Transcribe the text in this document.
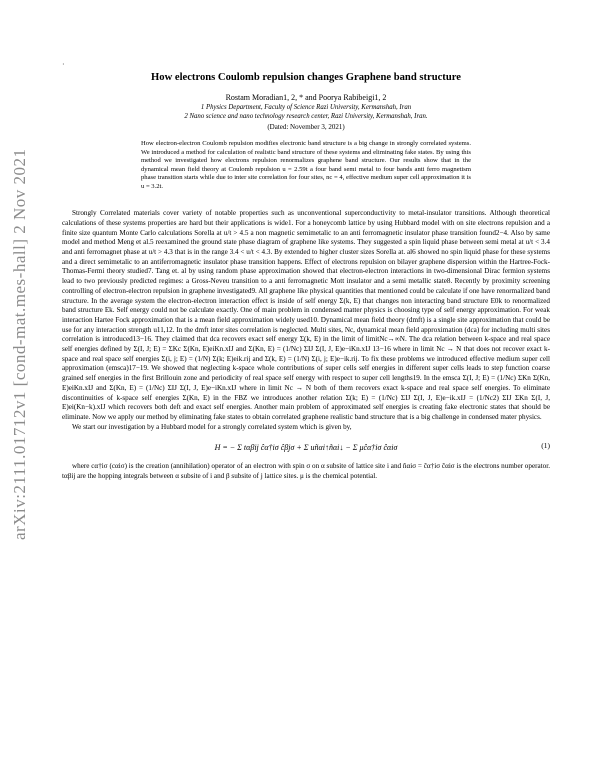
arXiv:2111.01712v1 [cond-mat.mes-hall] 2 Nov 2021
·
How electrons Coulomb repulsion changes Graphene band structure
Rostam Moradian1, 2, * and Poorya Rabibeigi1, 2
1 Physics Department, Faculty of Science Razi University, Kermanshah, Iran
2 Nano science and nano technology research center, Razi University, Kermanshah, Iran.
(Dated: November 3, 2021)
How electron-electron Coulomb repulsion modifies electronic band structure is a big change in strongly correlated systems. We introduced a method for calculation of realistic band structure of these systems and eliminating fake states. By using this method we investigated how electrons repulsion renormalizes graphene band structure. Our results show that in the dynamical mean field theory at Coulomb repulsion u = 2.59t a four band semi metal to four bands anti ferro magnetism phase transition starts while due to inter site correlation for four sites, nc = 4, effective medium super cell approximation it is u = 3.2t.

Strongly Correlated materials cover variety of notable properties such as unconventional superconductivity to metal-insulator transitions. Although theoretical calculations of these systems properties are hard but their applications is wide1. For a honeycomb lattice by using Hubbard model with on site electrons repulsion and a finite size quantum Monte Carlo calculations Sorella at u/t > 4.5 a non magnetic semimetalic to an anti ferromagnetic insulator phase transition found2−4. Also by same model and method Meng et al.5 reexamined the ground state phase diagram of graphene like systems. They suggested a spin liquid phase between semi metal at u/t < 3.4 and anti ferromagnet phase at u/t > 4.3 that is in the range 3.4 < u/t < 4.3. By extended to higher cluster sizes Sorella at. al6 showed no spin liquid phase for these systems and a direct semimetalic to an antiferromagnetic insulator phase transition happens. Effect of electrons repulsion on bilayer graphene dispersion within the Hartree-Fock-Thomas-Fermi theory studied7. Tang et. al by using random phase approximation showed that electron-electron interactions in two-dimensional Dirac fermion systems lead to two previously predicted regimes: a Gross-Neveu transition to a anti ferromagnetic Mott insulator and a semi metallic state8. Recently by proximity screening controlling of electron-electron repulsion in graphene investigated9. All graphene like physical quantities that mentioned could be calculate if one have renormalized band structure. In the average system the electron-electron interaction effect is inside of self energy Σ(k, E) that changes non interacting band structure E0k to renormalized band structure Ek. Self energy could not be calculate exactly. One of main problem in condensed matter physics is choosing type of self energy approximation. For weak interaction Hartee Fock approximation that is a mean field approximation widely used10. Dynamical mean field theory (dmft) is a single site approximation that could be use for any interaction strength u11,12. In the dmft inter sites correlation is neglected. Multi sites, Nc, dynamical mean field approximation (dca) for including multi sites correlation is introduced13−16. They claimed that dca recovers exact self energy Σ(k, E) in the limit of limitNc→∞N. The dca relation between k-space and real space self energies defined by Σ(I, J; E) = ΣKc Σ(Kn, E)eiKn.xIJ and Σ(Kn, E) = (1/Nc) ΣIJ Σ(I, J, E)e−iKn.xIJ 13−16 where in limit Nc → N that does not recover exact k-space and real space self energies Σ(i, j; E) = (1/N) Σ(k; E)eik.rij and Σ(k, E) = (1/N) Σ(i, j; E)e−ik.rij. To fix these problems we introduced effective medium super cell approximation (emsca)17−19. We showed that neglecting k-space whole contributions of super cells self energies in different super cells leads to step function coarse grained self energies in the first Brillouin zone and periodicity of real space self energy with respect to super cell lengths19. In the emsca Σ(I, J; E) = (1/Nc) ΣKn Σ(Kn, E)eiKn.xIJ and Σ(Kn, E) = (1/Nc) ΣIJ Σ(I, J, E)e−iKn.xIJ where in limit Nc → N both of them recovers exact k-space and real space self energies. To eliminate discontinuities of k-space self energies Σ(Kn, E) in the FBZ we introduces another relation Σ(k; E) = (1/Nc) ΣIJ Σ(I, J, E)e−ik.xIJ = (1/Nc2) ΣIJ ΣKn Σ(I, J, E)ei(Kn−k).xIJ which recovers both deft and exact self energies. Another main problem of approximated self energies is creating fake electronic states that should be eliminate. Now we apply our method by eliminating fake states to obtain correlated graphene realistic band structure that is a big challenge in condensed mater physics.

We start our investigation by a Hubbard model for a strongly correlated system which is given by,

H = − Σ tαβij ĉα†iσ ĉβjσ + Σ uñαi↑ñαi↓ − Σ μĉα†iσ ĉαiσ	(1)

where cα†iσ (cαiσ) is the creation (annihilation) operator of an electron with spin σ on α subsite of lattice site i and ñαiσ = ĉα†iσ ĉαiσ is the electrons number operator. tαβij are the hopping integrals between α subsite of i and β subsite of j lattice sites. μ is the chemical potential.
